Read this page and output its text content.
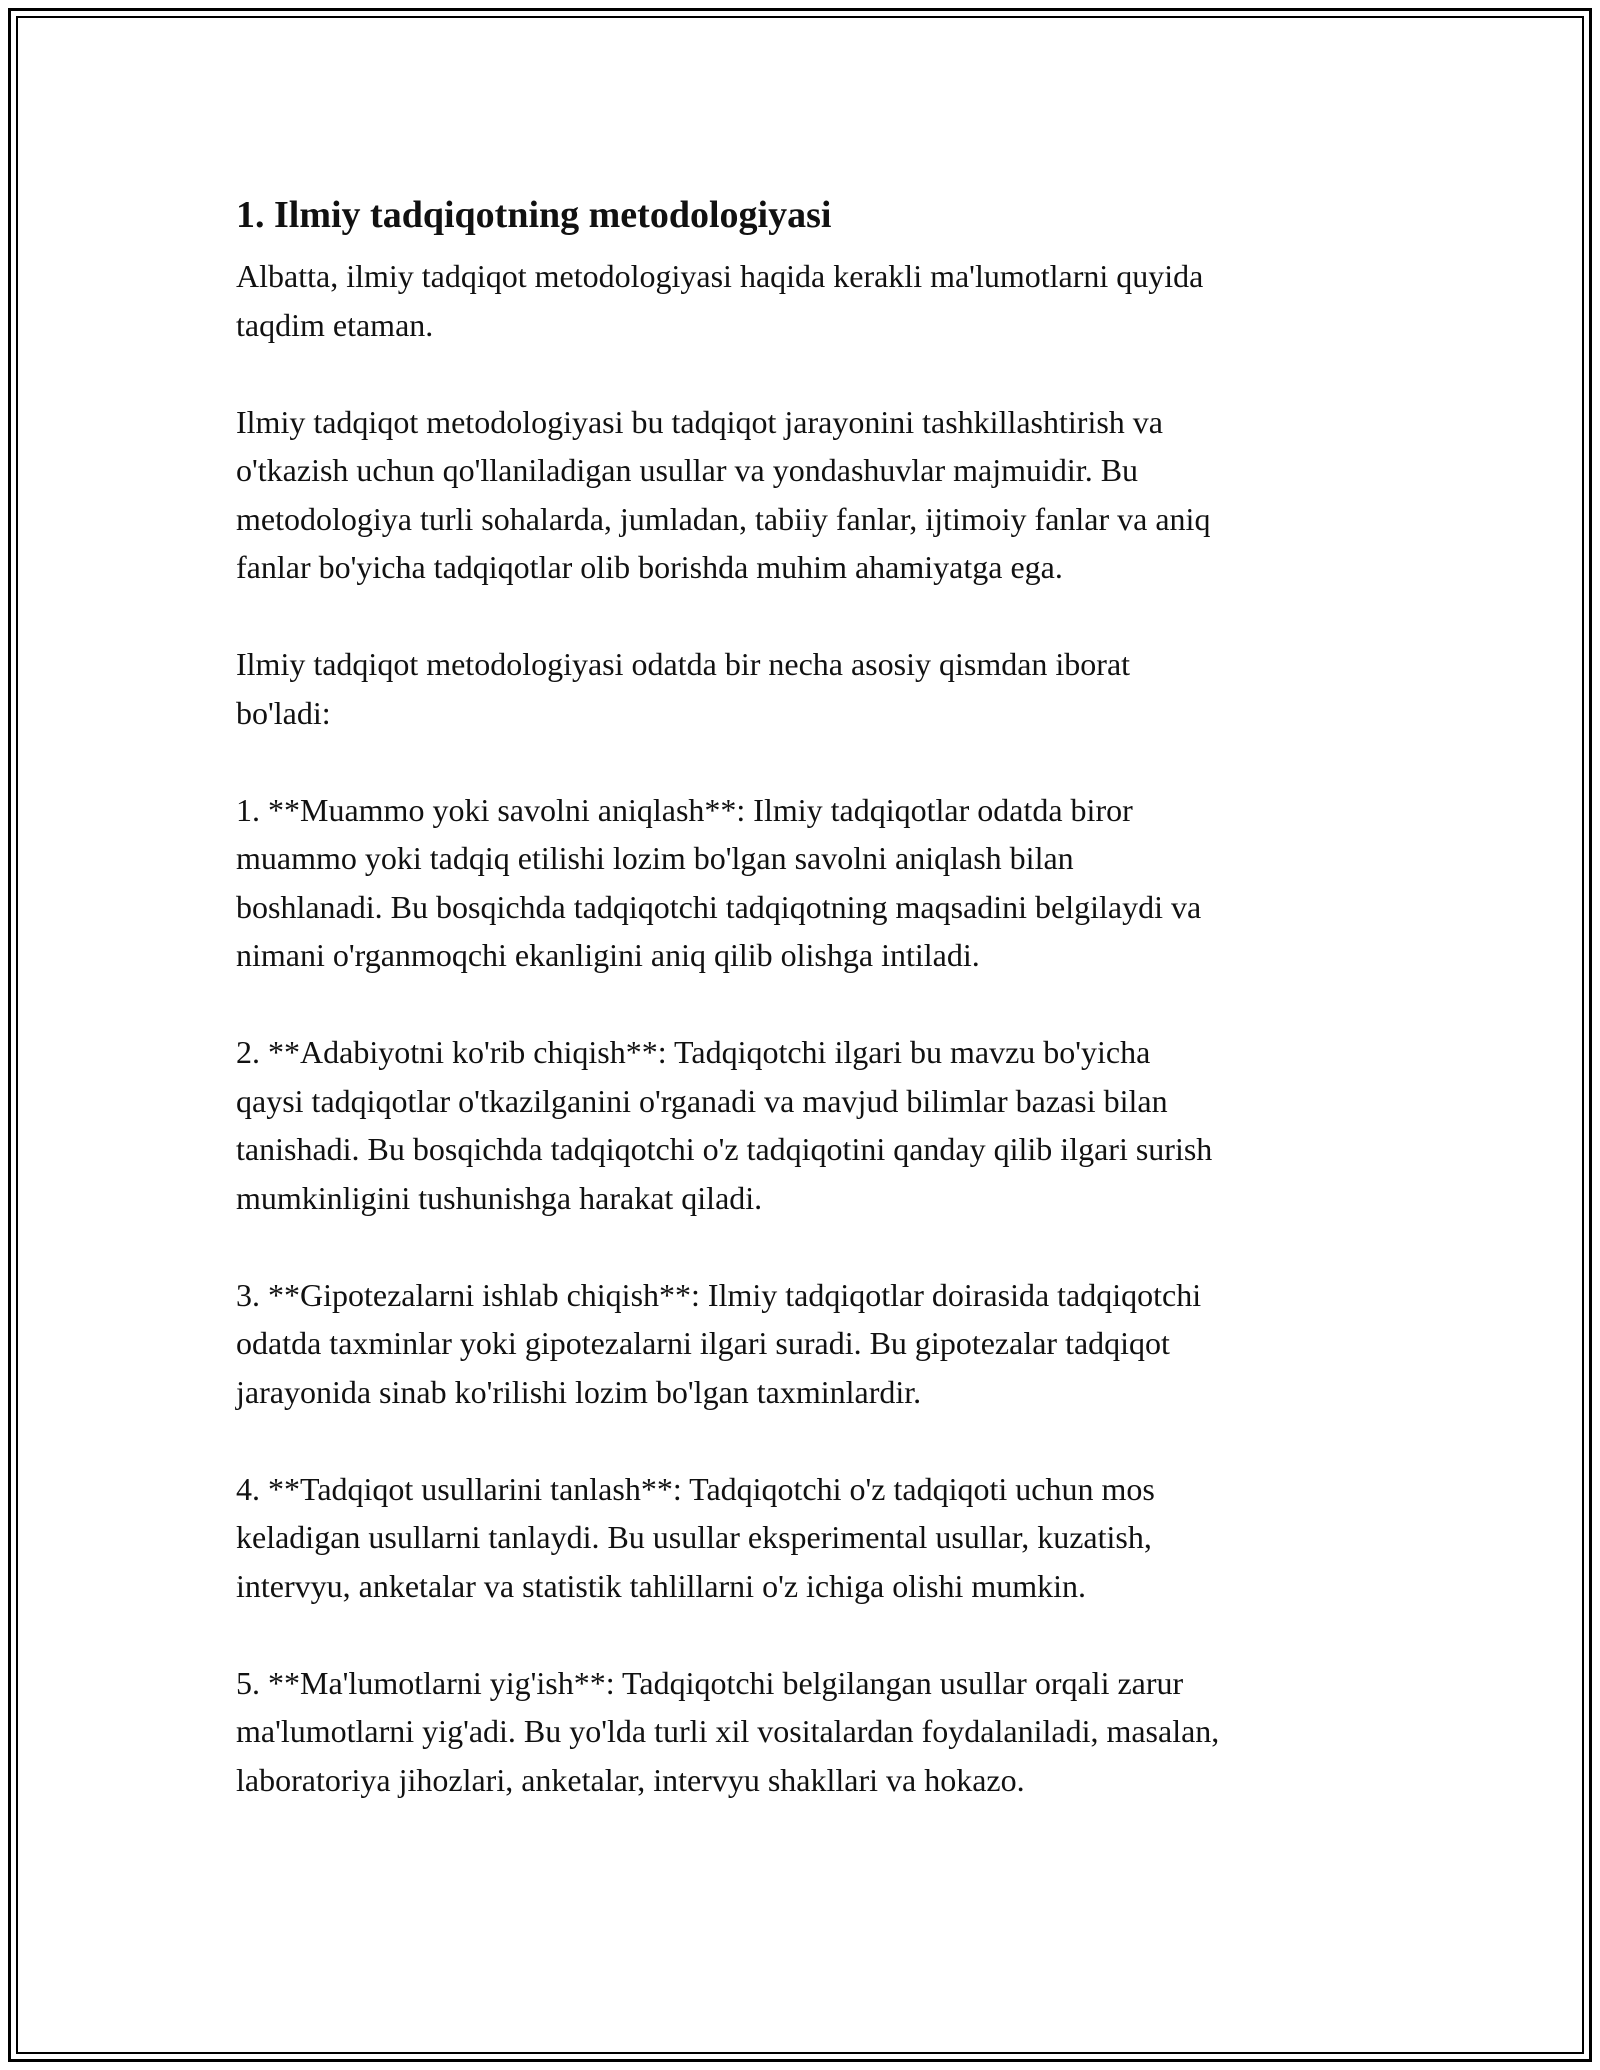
1. Ilmiy tadqiqotning metodologiyasi

Albatta, ilmiy tadqiqot metodologiyasi haqida kerakli ma'lumotlarni quyida
taqdim etaman.

Ilmiy tadqiqot metodologiyasi bu tadqiqot jarayonini tashkillashtirish va
o'tkazish uchun qo'llaniladigan usullar va yondashuvlar majmuidir. Bu
metodologiya turli sohalarda, jumladan, tabiiy fanlar, ijtimoiy fanlar va aniq
fanlar bo'yicha tadqiqotlar olib borishda muhim ahamiyatga ega.

Ilmiy tadqiqot metodologiyasi odatda bir necha asosiy qismdan iborat
bo'ladi:

1. **Muammo yoki savolni aniqlash**: Ilmiy tadqiqotlar odatda biror
muammo yoki tadqiq etilishi lozim bo'lgan savolni aniqlash bilan
boshlanadi. Bu bosqichda tadqiqotchi tadqiqotning maqsadini belgilaydi va
nimani o'rganmoqchi ekanligini aniq qilib olishga intiladi.

2. **Adabiyotni ko'rib chiqish**: Tadqiqotchi ilgari bu mavzu bo'yicha
qaysi tadqiqotlar o'tkazilganini o'rganadi va mavjud bilimlar bazasi bilan
tanishadi. Bu bosqichda tadqiqotchi o'z tadqiqotini qanday qilib ilgari surish
mumkinligini tushunishga harakat qiladi.

3. **Gipotezalarni ishlab chiqish**: Ilmiy tadqiqotlar doirasida tadqiqotchi
odatda taxminlar yoki gipotezalarni ilgari suradi. Bu gipotezalar tadqiqot
jarayonida sinab ko'rilishi lozim bo'lgan taxminlardir.

4. **Tadqiqot usullarini tanlash**: Tadqiqotchi o'z tadqiqoti uchun mos
keladigan usullarni tanlaydi. Bu usullar eksperimental usullar, kuzatish,
intervyu, anketalar va statistik tahlillarni o'z ichiga olishi mumkin.

5. **Ma'lumotlarni yig'ish**: Tadqiqotchi belgilangan usullar orqali zarur
ma'lumotlarni yig'adi. Bu yo'lda turli xil vositalardan foydalaniladi, masalan,
laboratoriya jihozlari, anketalar, intervyu shakllari va hokazo.
